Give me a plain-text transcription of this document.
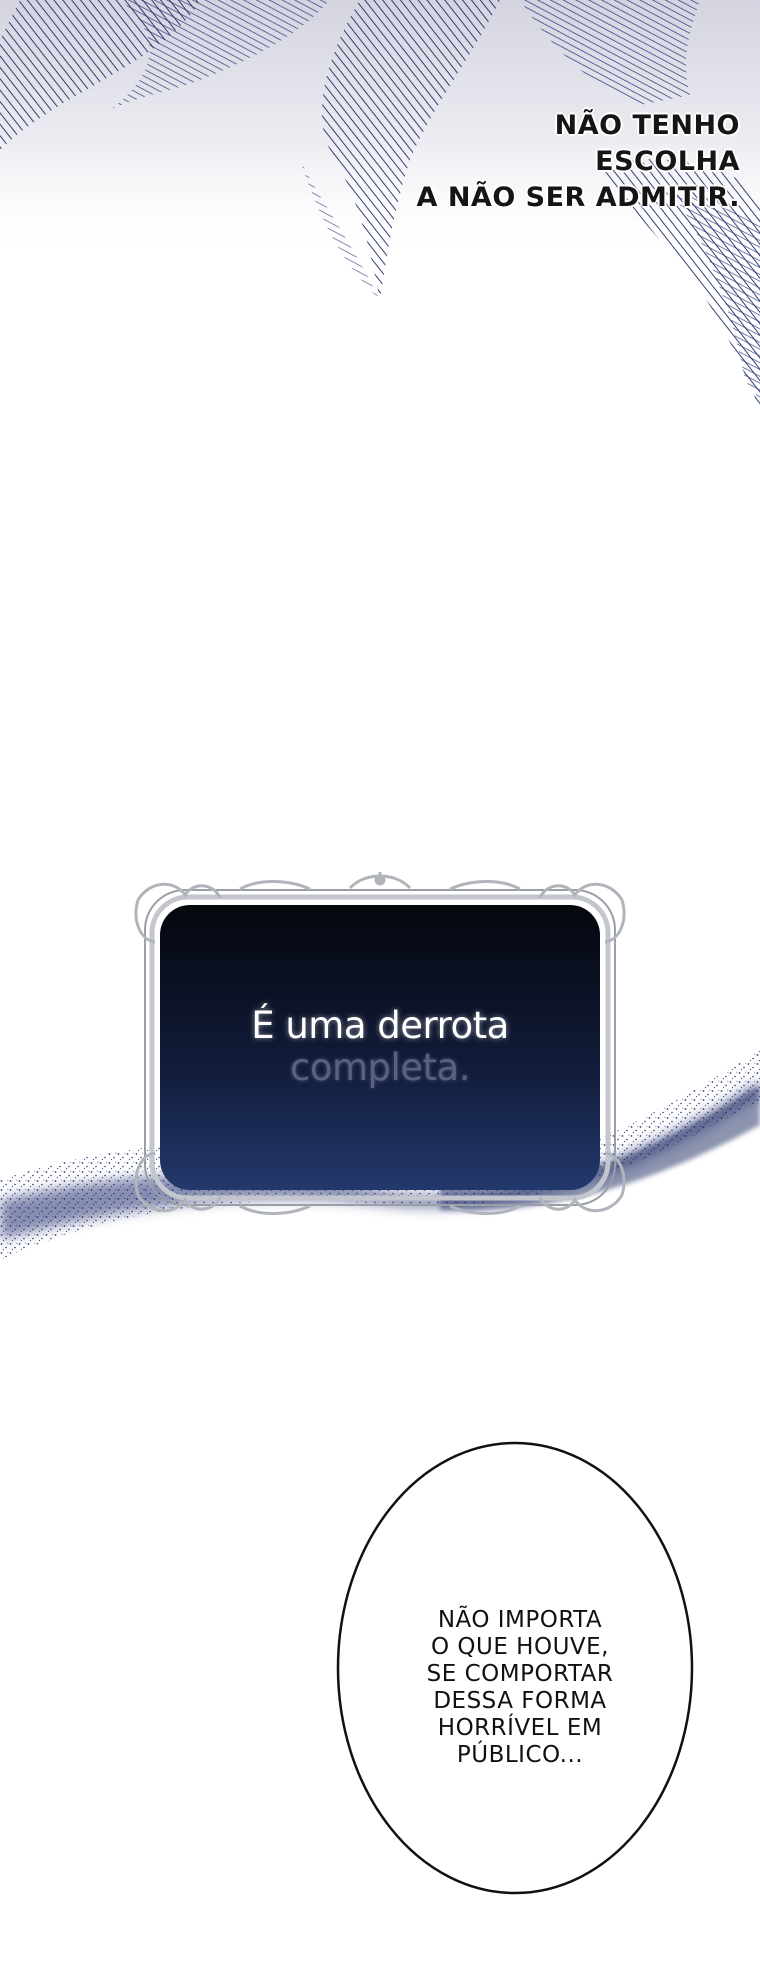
NÃO TENHO ESCOLHA
A NÃO SER ADMITIR.
É uma derrota
completa.
NÃO IMPORTA
O QUE HOUVE,
SE COMPORTAR
DESSA FORMA
HORRÍVEL EM
PÚBLICO...
